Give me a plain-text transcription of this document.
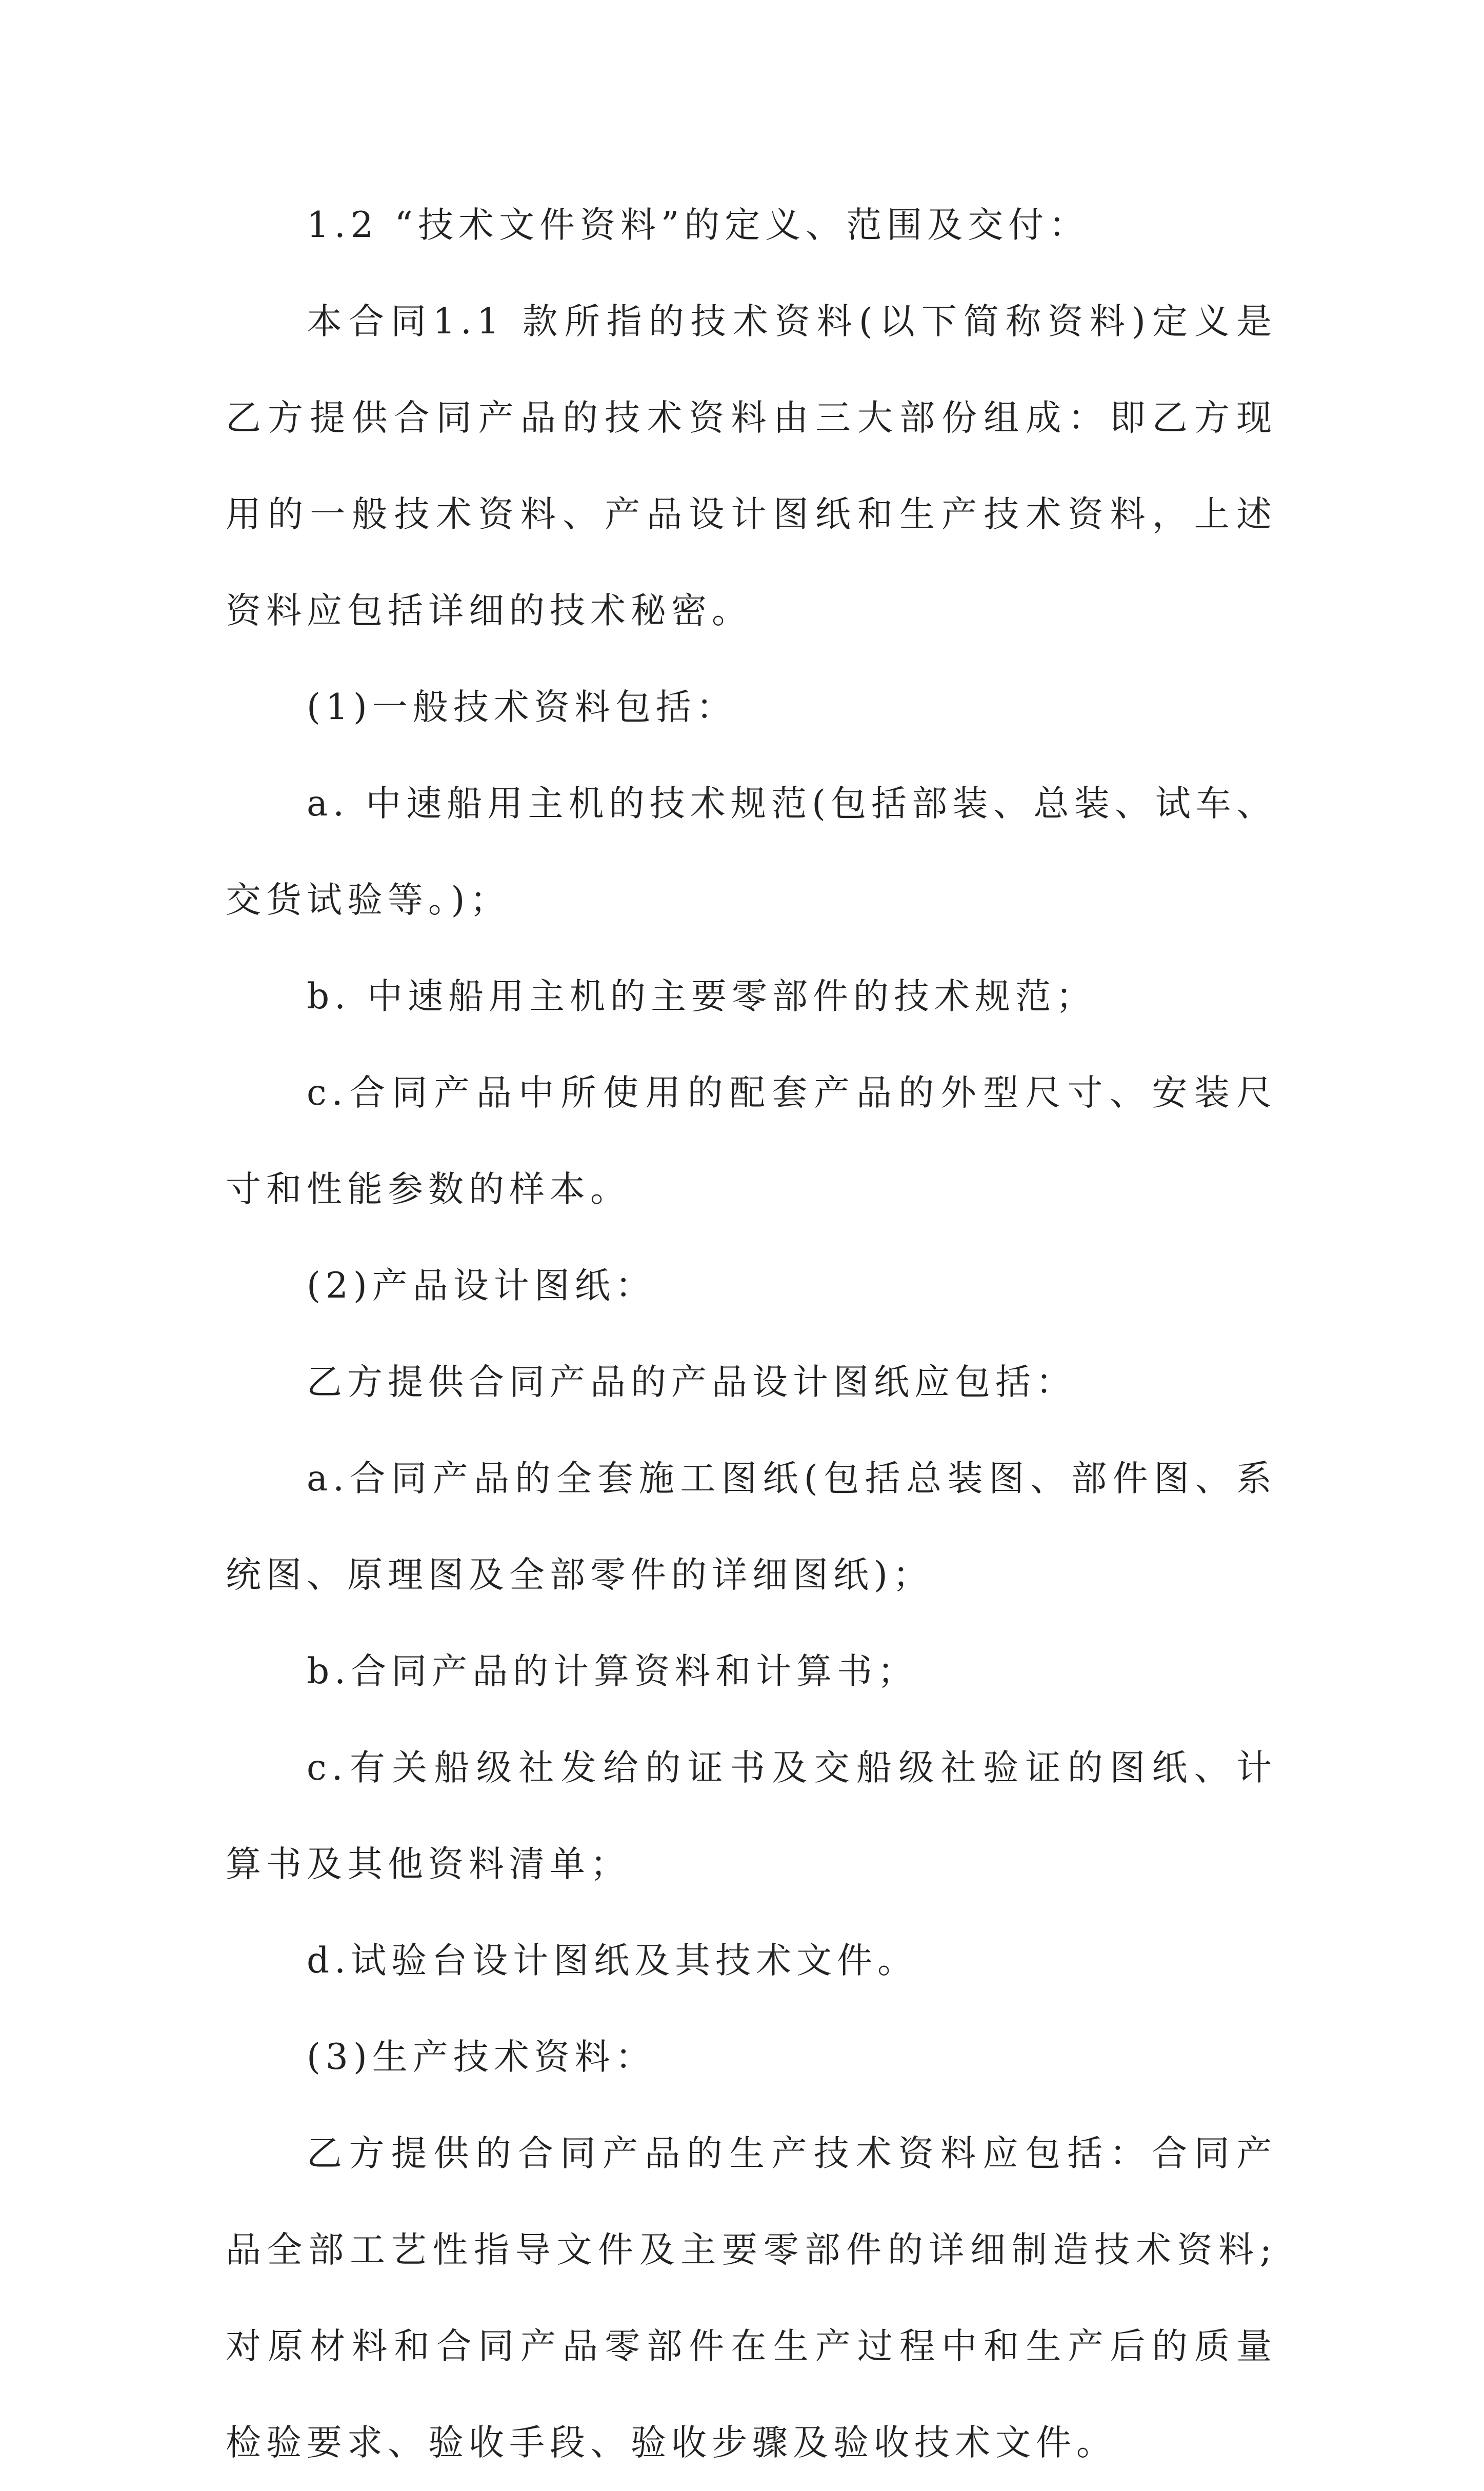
1.2 “技术文件资料”的定义、范围及交付：

本合同1.1 款所指的技术资料(以下简称资料)定义是乙方提供合同产品的技术资料由三大部份组成：即乙方现用的一般技术资料、产品设计图纸和生产技术资料，上述资料应包括详细的技术秘密。

(1)一般技术资料包括：

a. 中速船用主机的技术规范(包括部装、总装、试车、交货试验等。)；

b. 中速船用主机的主要零部件的技术规范；

c.合同产品中所使用的配套产品的外型尺寸、安装尺寸和性能参数的样本。

(2)产品设计图纸：

乙方提供合同产品的产品设计图纸应包括：

a.合同产品的全套施工图纸(包括总装图、部件图、系统图、原理图及全部零件的详细图纸)；

b.合同产品的计算资料和计算书；

c.有关船级社发给的证书及交船级社验证的图纸、计算书及其他资料清单；

d.试验台设计图纸及其技术文件。

(3)生产技术资料：

乙方提供的合同产品的生产技术资料应包括：合同产品全部工艺性指导文件及主要零部件的详细制造技术资料;对原材料和合同产品零部件在生产过程中和生产后的质量检验要求、验收手段、验收步骤及验收技术文件。
